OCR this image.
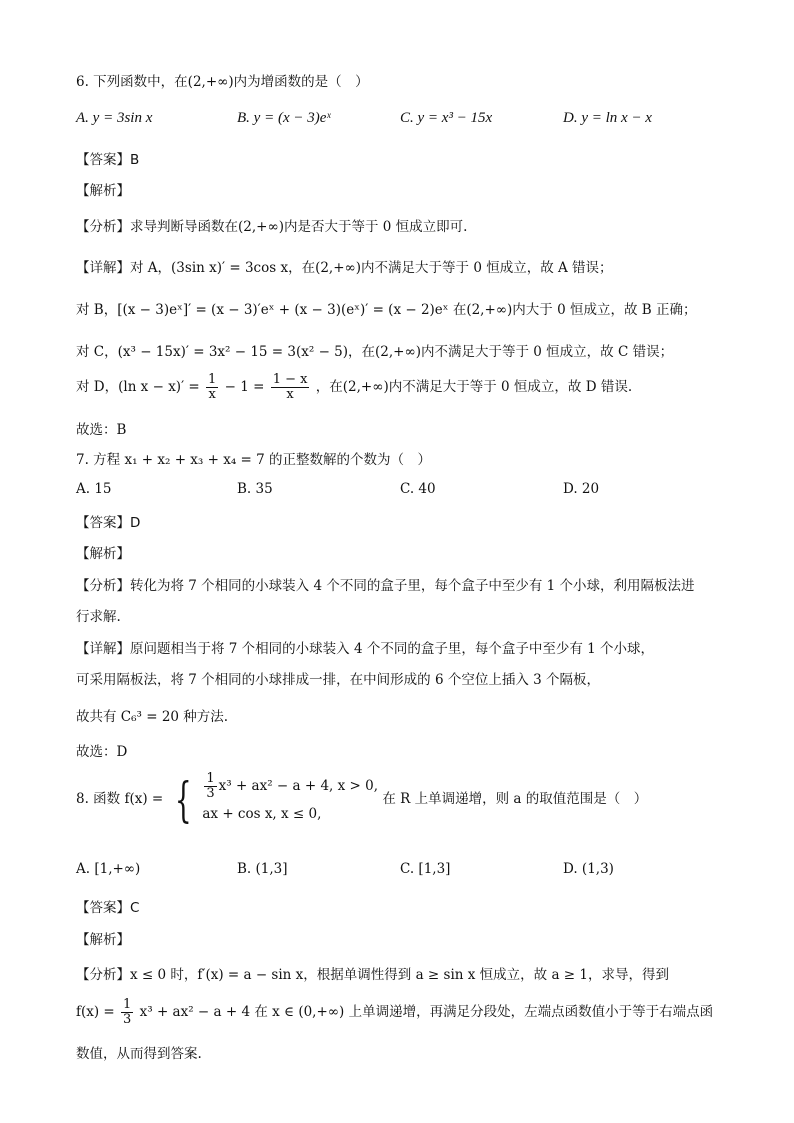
6. 下列函数中，在(2,+∞)内为增函数的是（　）
A. y = 3sin x	B. y = (x − 3)eˣ	C. y = x³ − 15x	D. y = ln x − x
【答案】B
【解析】
【分析】求导判断导函数在(2,+∞)内是否大于等于 0 恒成立即可.
【详解】对 A，(3sin x)′ = 3cos x，在(2,+∞)内不满足大于等于 0 恒成立，故 A 错误；
对 B，[(x − 3)eˣ]′ = (x − 3)′eˣ + (x − 3)(eˣ)′ = (x − 2)eˣ 在(2,+∞)内大于 0 恒成立，故 B 正确；
对 C，(x³ − 15x)′ = 3x² − 15 = 3(x² − 5)，在(2,+∞)内不满足大于等于 0 恒成立，故 C 错误；
对 D，(ln $x - x)' = \frac{1}{x} - 1 = \frac{1 - x}{x}$ ，在(2,+∞)内不满足大于等于 0 恒成立，故 D 错误.
故选：B
7. 方程 x₁ + x₂ + x₃ + x₄ = 7 的正整数解的个数为（　）
A. 15	B. 35	C. 40	D. 20
【答案】D
【解析】
【分析】转化为将 7 个相同的小球装入 4 个不同的盒子里，每个盒子中至少有 1 个小球，利用隔板法进
行求解.
【详解】原问题相当于将 7 个相同的小球装入 4 个不同的盒子里，每个盒子中至少有 1 个小球，
可采用隔板法，将 7 个相同的小球排成一排，在中间形成的 6 个空位上插入 3 个隔板，
故共有 C₆³ = 20 种方法.
故选：D
8. 函数 f(x) = { $\frac{1}{3} x^3 + ax^2 - a + 4$, x > 0,
ax + cos x, x ≤ 0,
在 R 上单调递增，则 a 的取值范围是（　）
A. [1,+∞)	B. (1,3]	C. [1,3]	D. (1,3)
【答案】C
【解析】
【分析】x ≤ 0 时，f′(x) = a − sin x，根据单调性得到 a ≥ sin x 恒成立，故 a ≥ 1，求导，得到
$f(x) = \frac{1}{3} x^3 + ax^2 - a + 4$ 在 x ∈ (0,+∞) 上单调递增，再满足分段处，左端点函数值小于等于右端点函
数值，从而得到答案.
